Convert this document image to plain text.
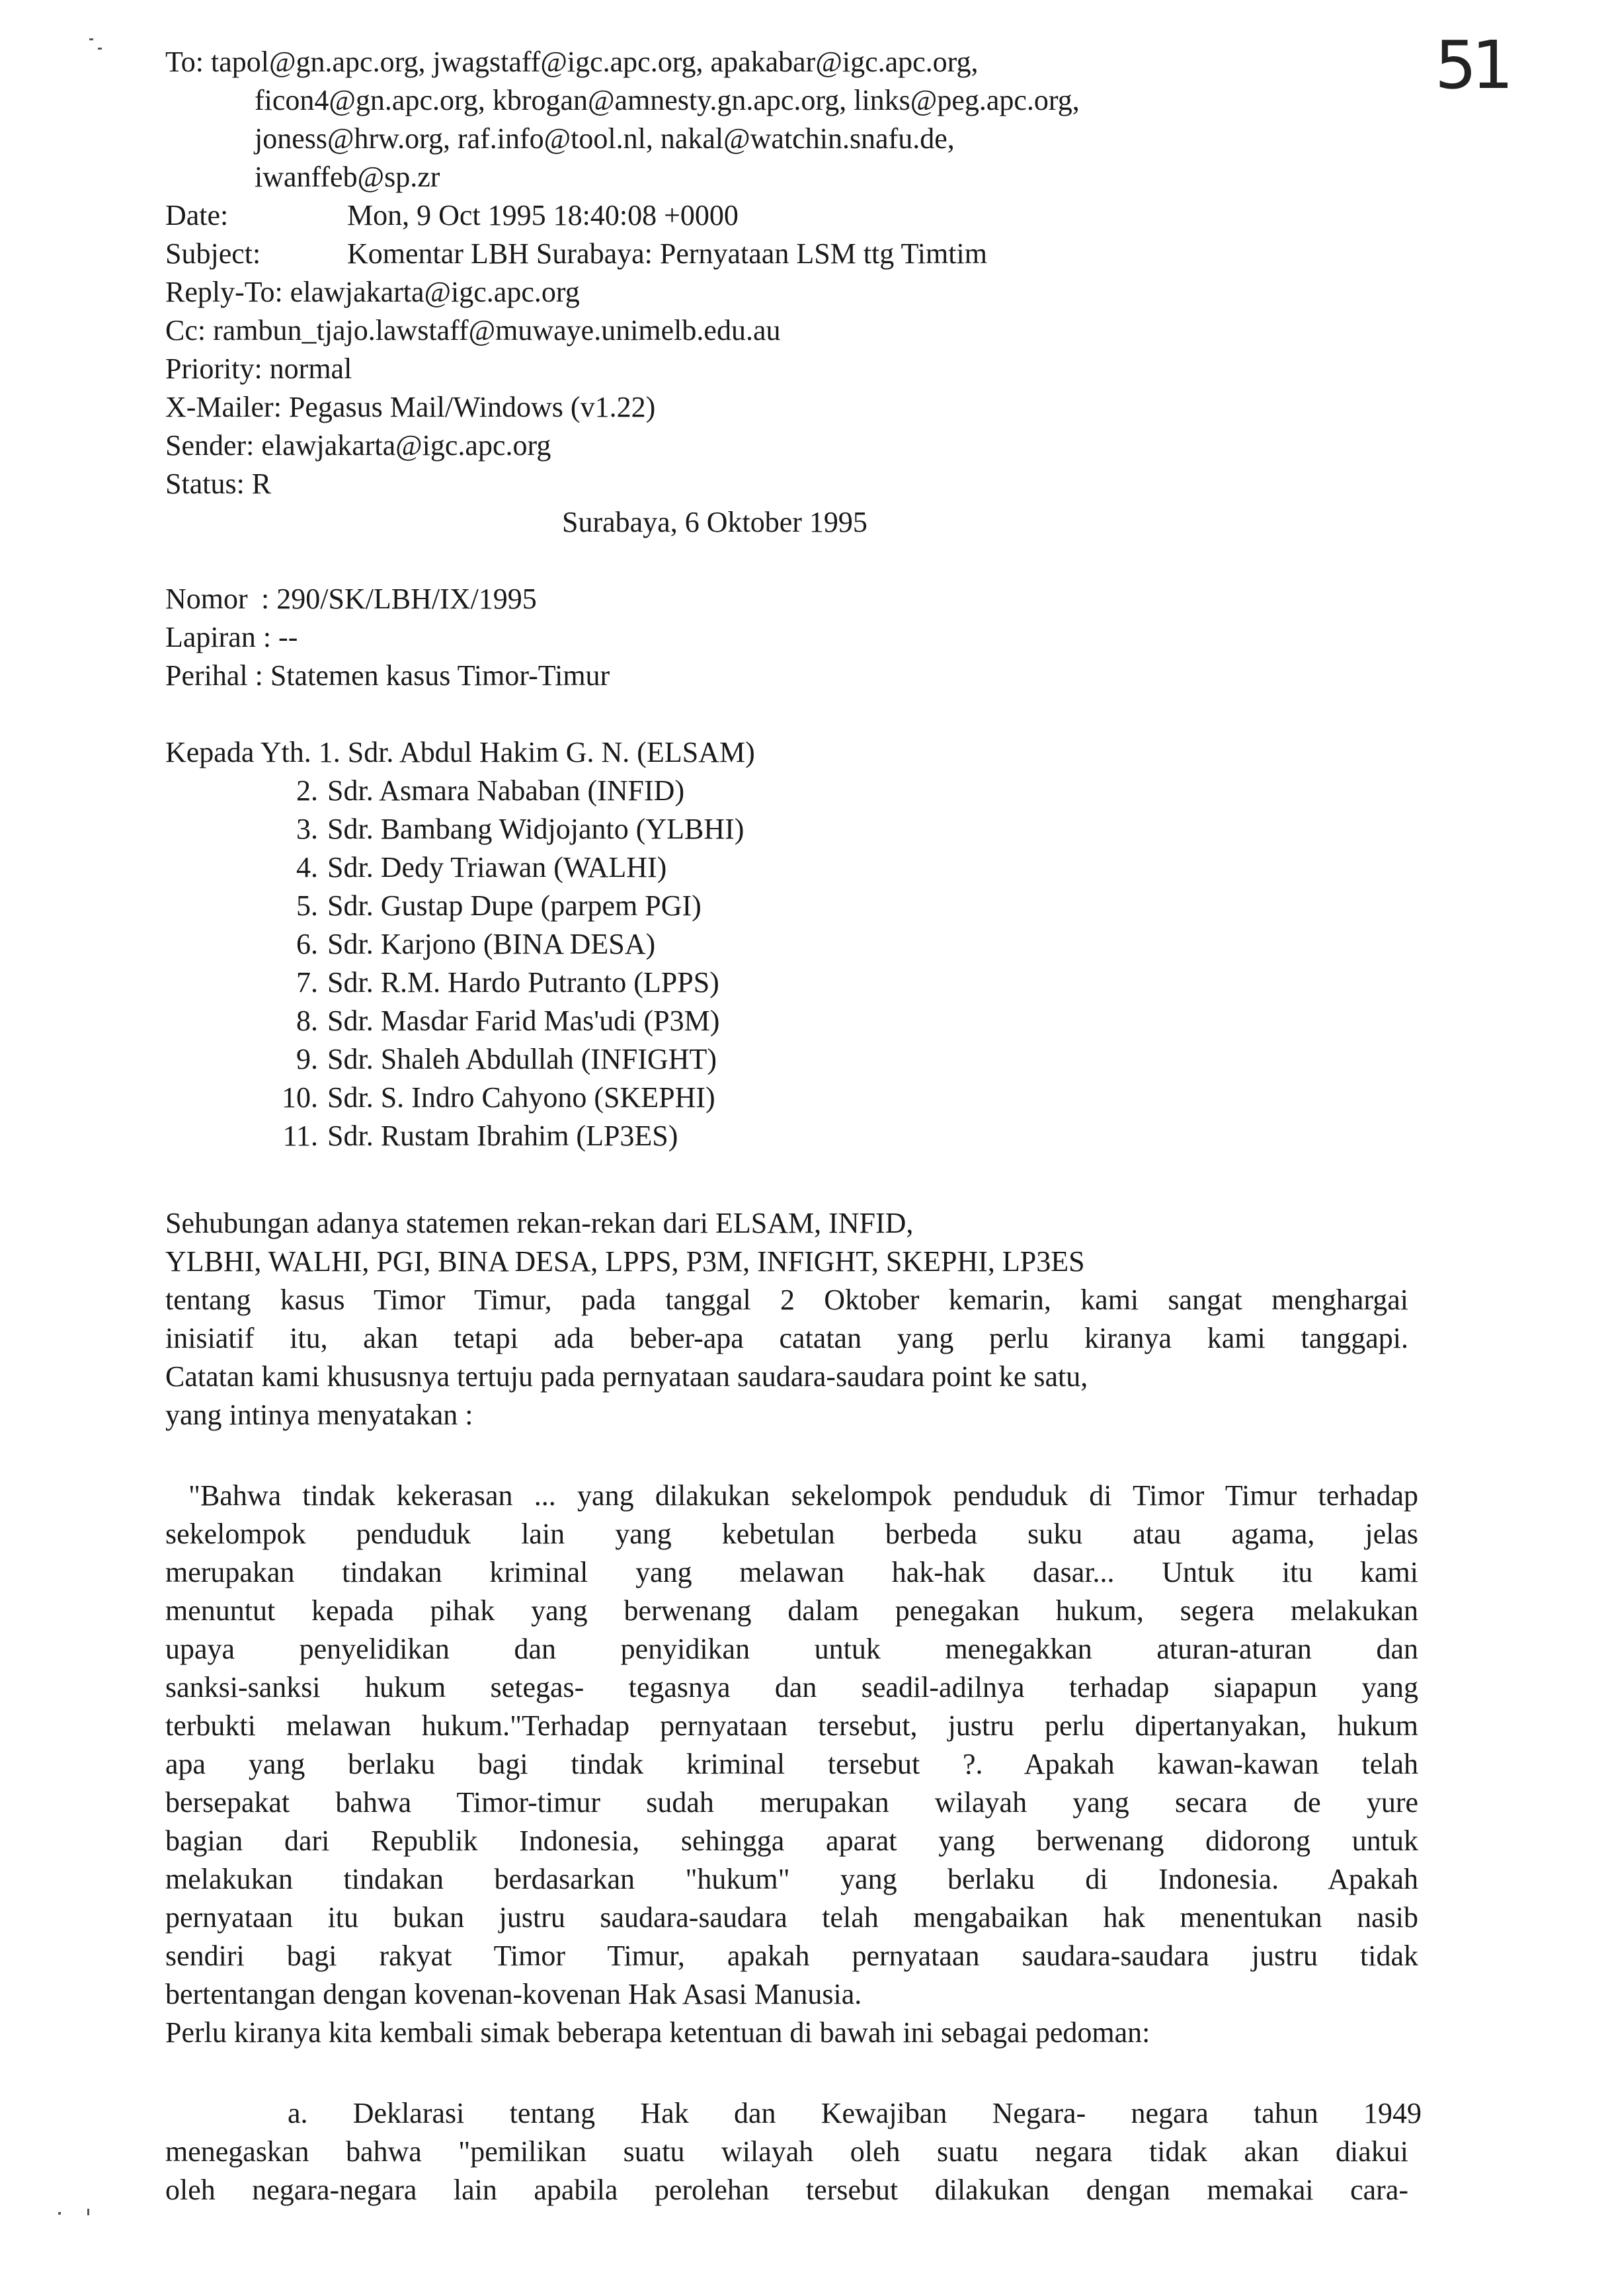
51
To: tapol@gn.apc.org, jwagstaff@igc.apc.org, apakabar@igc.apc.org,
ficon4@gn.apc.org, kbrogan@amnesty.gn.apc.org, links@peg.apc.org,
joness@hrw.org, raf.info@tool.nl, nakal@watchin.snafu.de,
iwanffeb@sp.zr
Date:	Mon, 9 Oct 1995 18:40:08 +0000
Subject:	Komentar LBH Surabaya: Pernyataan LSM ttg Timtim
Reply-To: elawjakarta@igc.apc.org
Cc: rambun_tjajo.lawstaff@muwaye.unimelb.edu.au
Priority: normal
X-Mailer: Pegasus Mail/Windows (v1.22)
Sender: elawjakarta@igc.apc.org
Status: R
Surabaya, 6 Oktober 1995
Nomor : 290/SK/LBH/IX/1995
Lapiran
: --
Perihal
: Statemen kasus Timor-Timur
Kepada Yth.
1.
Sdr. Abdul Hakim G. N. (ELSAM)
2. Sdr. Asmara Nababan (INFID)
3. Sdr. Bambang Widjojanto (YLBHI)
4. Sdr. Dedy Triawan (WALHI)
5. Sdr. Gustap Dupe (parpem PGI)
6. Sdr. Karjono (BINA DESA)
7. Sdr. R.M. Hardo Putranto (LPPS)
8. Sdr. Masdar Farid Mas'udi (P3M)
9. Sdr. Shaleh Abdullah (INFIGHT)
10. Sdr. S. Indro Cahyono (SKEPHI)
11. Sdr. Rustam Ibrahim (LP3ES)
Sehubungan adanya statemen rekan-rekan dari ELSAM, INFID,
YLBHI, WALHI, PGI, BINA DESA, LPPS, P3M, INFIGHT, SKEPHI, LP3ES
tentang kasus Timor Timur, pada tanggal 2 Oktober kemarin, kami sangat menghargai
inisiatif itu, akan tetapi ada beber-apa catatan yang perlu kiranya kami tanggapi.
Catatan kami khususnya tertuju pada pernyataan saudara-saudara point ke satu,
yang intinya menyatakan :
"Bahwa tindak kekerasan ... yang dilakukan sekelompok penduduk di Timor Timur terhadap
sekelompok penduduk lain yang kebetulan berbeda suku atau agama, jelas
merupakan tindakan kriminal yang melawan hak-hak dasar... Untuk itu kami
menuntut kepada pihak yang berwenang dalam penegakan hukum, segera melakukan
upaya penyelidikan dan penyidikan untuk menegakkan aturan-aturan dan
sanksi-sanksi hukum setegas- tegasnya dan seadil-adilnya terhadap siapapun yang
terbukti melawan hukum."Terhadap pernyataan tersebut, justru perlu dipertanyakan, hukum
apa yang berlaku bagi tindak kriminal tersebut ?. Apakah kawan-kawan telah
bersepakat bahwa Timor-timur sudah merupakan wilayah yang secara de yure
bagian dari Republik Indonesia, sehingga aparat yang berwenang didorong untuk
melakukan tindakan berdasarkan "hukum" yang berlaku di Indonesia. Apakah
pernyataan itu bukan justru saudara-saudara telah mengabaikan hak menentukan nasib
sendiri bagi rakyat Timor Timur, apakah pernyataan saudara-saudara justru tidak
bertentangan dengan kovenan-kovenan Hak Asasi Manusia.
Perlu kiranya kita kembali simak beberapa ketentuan di bawah ini sebagai pedoman:
a. Deklarasi tentang Hak dan Kewajiban Negara- negara tahun 1949
menegaskan bahwa "pemilikan suatu wilayah oleh suatu negara tidak akan diakui
oleh negara-negara lain apabila perolehan tersebut dilakukan dengan memakai cara-
